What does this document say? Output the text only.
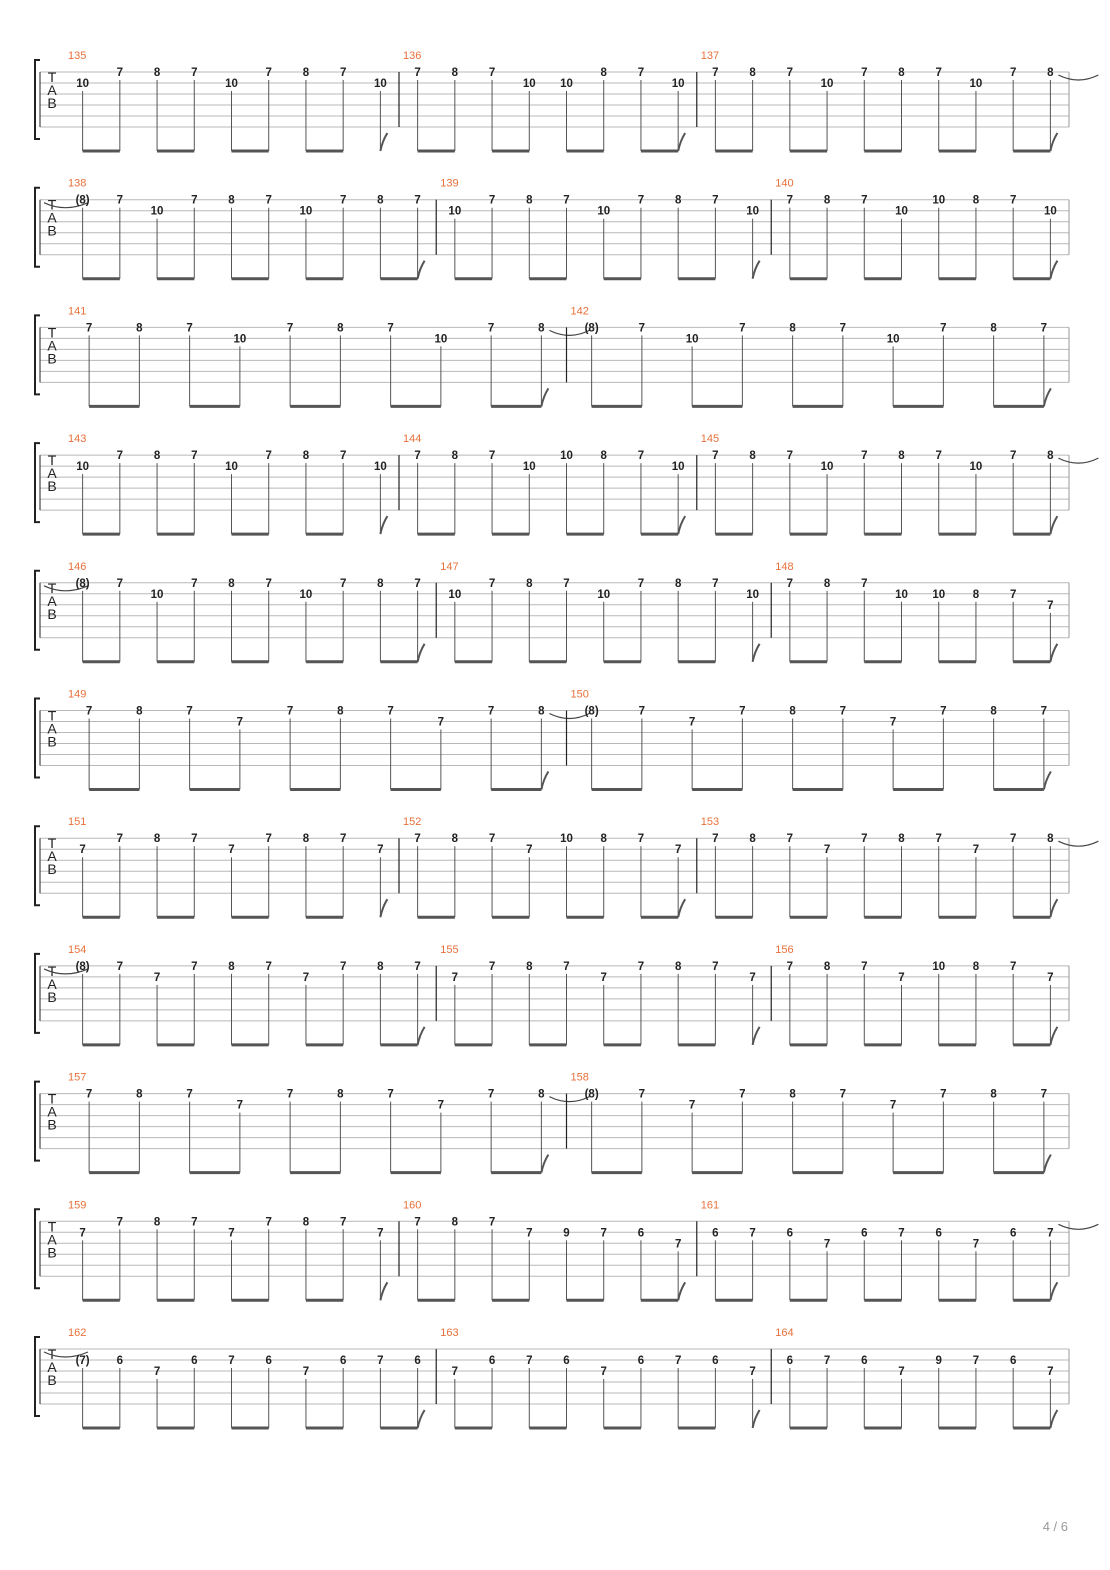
T
A
B
135
10
7	8	7
10
7	8	7
10
136
7	8	7
10 10
8	7
10
137
7	8	7
10
7	8	7
10
7	8
T
A
B
138
(8) 7
10
7	8	7
10
7	8	7
139
10
7	8	7
10
7	8	7
10
140
7	8	7
10
10 8	7
10
T
A
B
141
7	8	7
10
7	8	7
10
7	8
142
(8)	7
10
7	8	7
10
7	8	7
T
A
B
143
10
7	8	7
10
7	8	7
10
144
7	8	7
10
10 8	7
10
145
7	8	7
10
7	8	7
10
7	8
T
A
B
146
(8) 7
10
7	8	7
10
7	8	7
147
10
7	8	7
10
7	8	7
10
148
7	8	7
10 10 8	7
7
T
A
B
149
7	8	7
7
7	8	7
7
7	8
150
(8)	7
7
7	8	7
7
7	8	7
T
A
B
151
7
7	8	7
7
7	8	7
7
152
7	8	7
7
10 8	7
7
153
7	8	7
7
7	8	7
7
7	8
T
A
B
154
(8) 7
7
7	8	7
7
7	8	7
155
7
7	8	7
7
7	8	7
7
156
7	8	7
7
10 8	7
7
T
A
B
157
7	8	7
7
7	8	7
7
7	8
158
(8)	7
7
7	8	7
7
7	8	7
T
A
B
159
7
7	8	7
7
7	8	7
7
160
7	8	7
7	9	7	6
7
161
6	7	6
7
6	7	6
7
6	7
T
A
B
162
(7) 6
7
6	7	6
7
6	7	6
163
7
6	7	6
7
6	7	6
7
164
6	7	6
7
9	7	6
7
4 / 6
